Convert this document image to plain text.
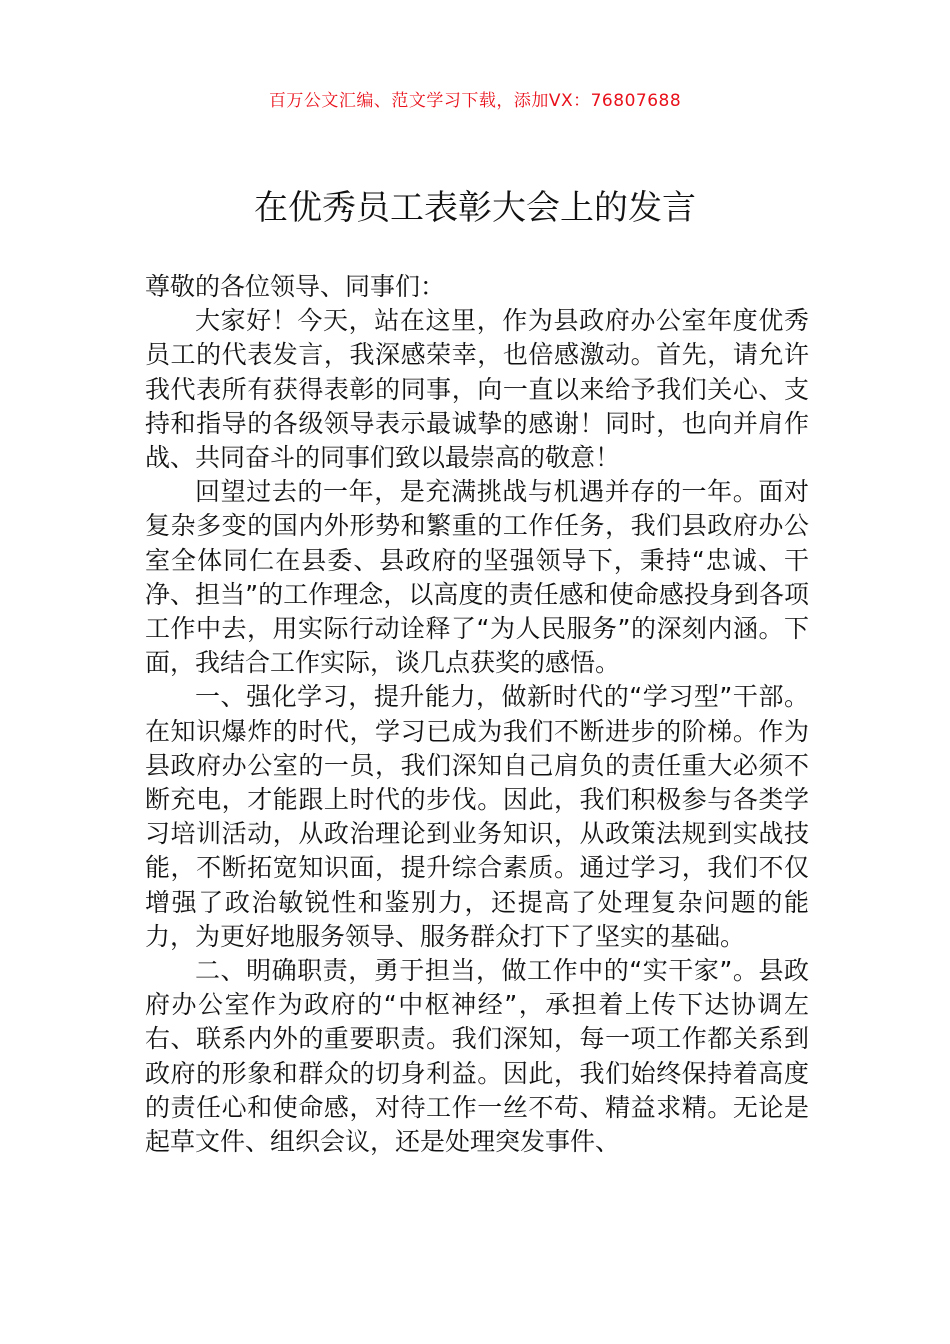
百万公文汇编、范文学习下载，添加VX：76807688
在优秀员工表彰大会上的发言

尊敬的各位领导、同事们：

大家好！今天，站在这里，作为县政府办公室年度优秀员工的代表发言，我深感荣幸，也倍感激动。首先，请允许我代表所有获得表彰的同事，向一直以来给予我们关心、支持和指导的各级领导表示最诚挚的感谢！同时，也向并肩作战、共同奋斗的同事们致以最崇高的敬意！

回望过去的一年，是充满挑战与机遇并存的一年。面对复杂多变的国内外形势和繁重的工作任务，我们县政府办公室全体同仁在县委、县政府的坚强领导下，秉持“忠诚、干净、担当”的工作理念，以高度的责任感和使命感投身到各项工作中去，用实际行动诠释了“为人民服务”的深刻内涵。下面，我结合工作实际，谈几点获奖的感悟。

一、强化学习，提升能力，做新时代的“学习型”干部。在知识爆炸的时代，学习已成为我们不断进步的阶梯。作为县政府办公室的一员，我们深知自己肩负的责任重大必须不断充电，才能跟上时代的步伐。因此，我们积极参与各类学习培训活动，从政治理论到业务知识，从政策法规到实战技能，不断拓宽知识面，提升综合素质。通过学习，我们不仅增强了政治敏锐性和鉴别力，还提高了处理复杂问题的能力，为更好地服务领导、服务群众打下了坚实的基础。

二、明确职责，勇于担当，做工作中的“实干家”。县政府办公室作为政府的“中枢神经”，承担着上传下达协调左右、联系内外的重要职责。我们深知，每一项工作都关系到政府的形象和群众的切身利益。因此，我们始终保持着高度的责任心和使命感，对待工作一丝不苟、精益求精。无论是起草文件、组织会议，还是处理突发事件、
